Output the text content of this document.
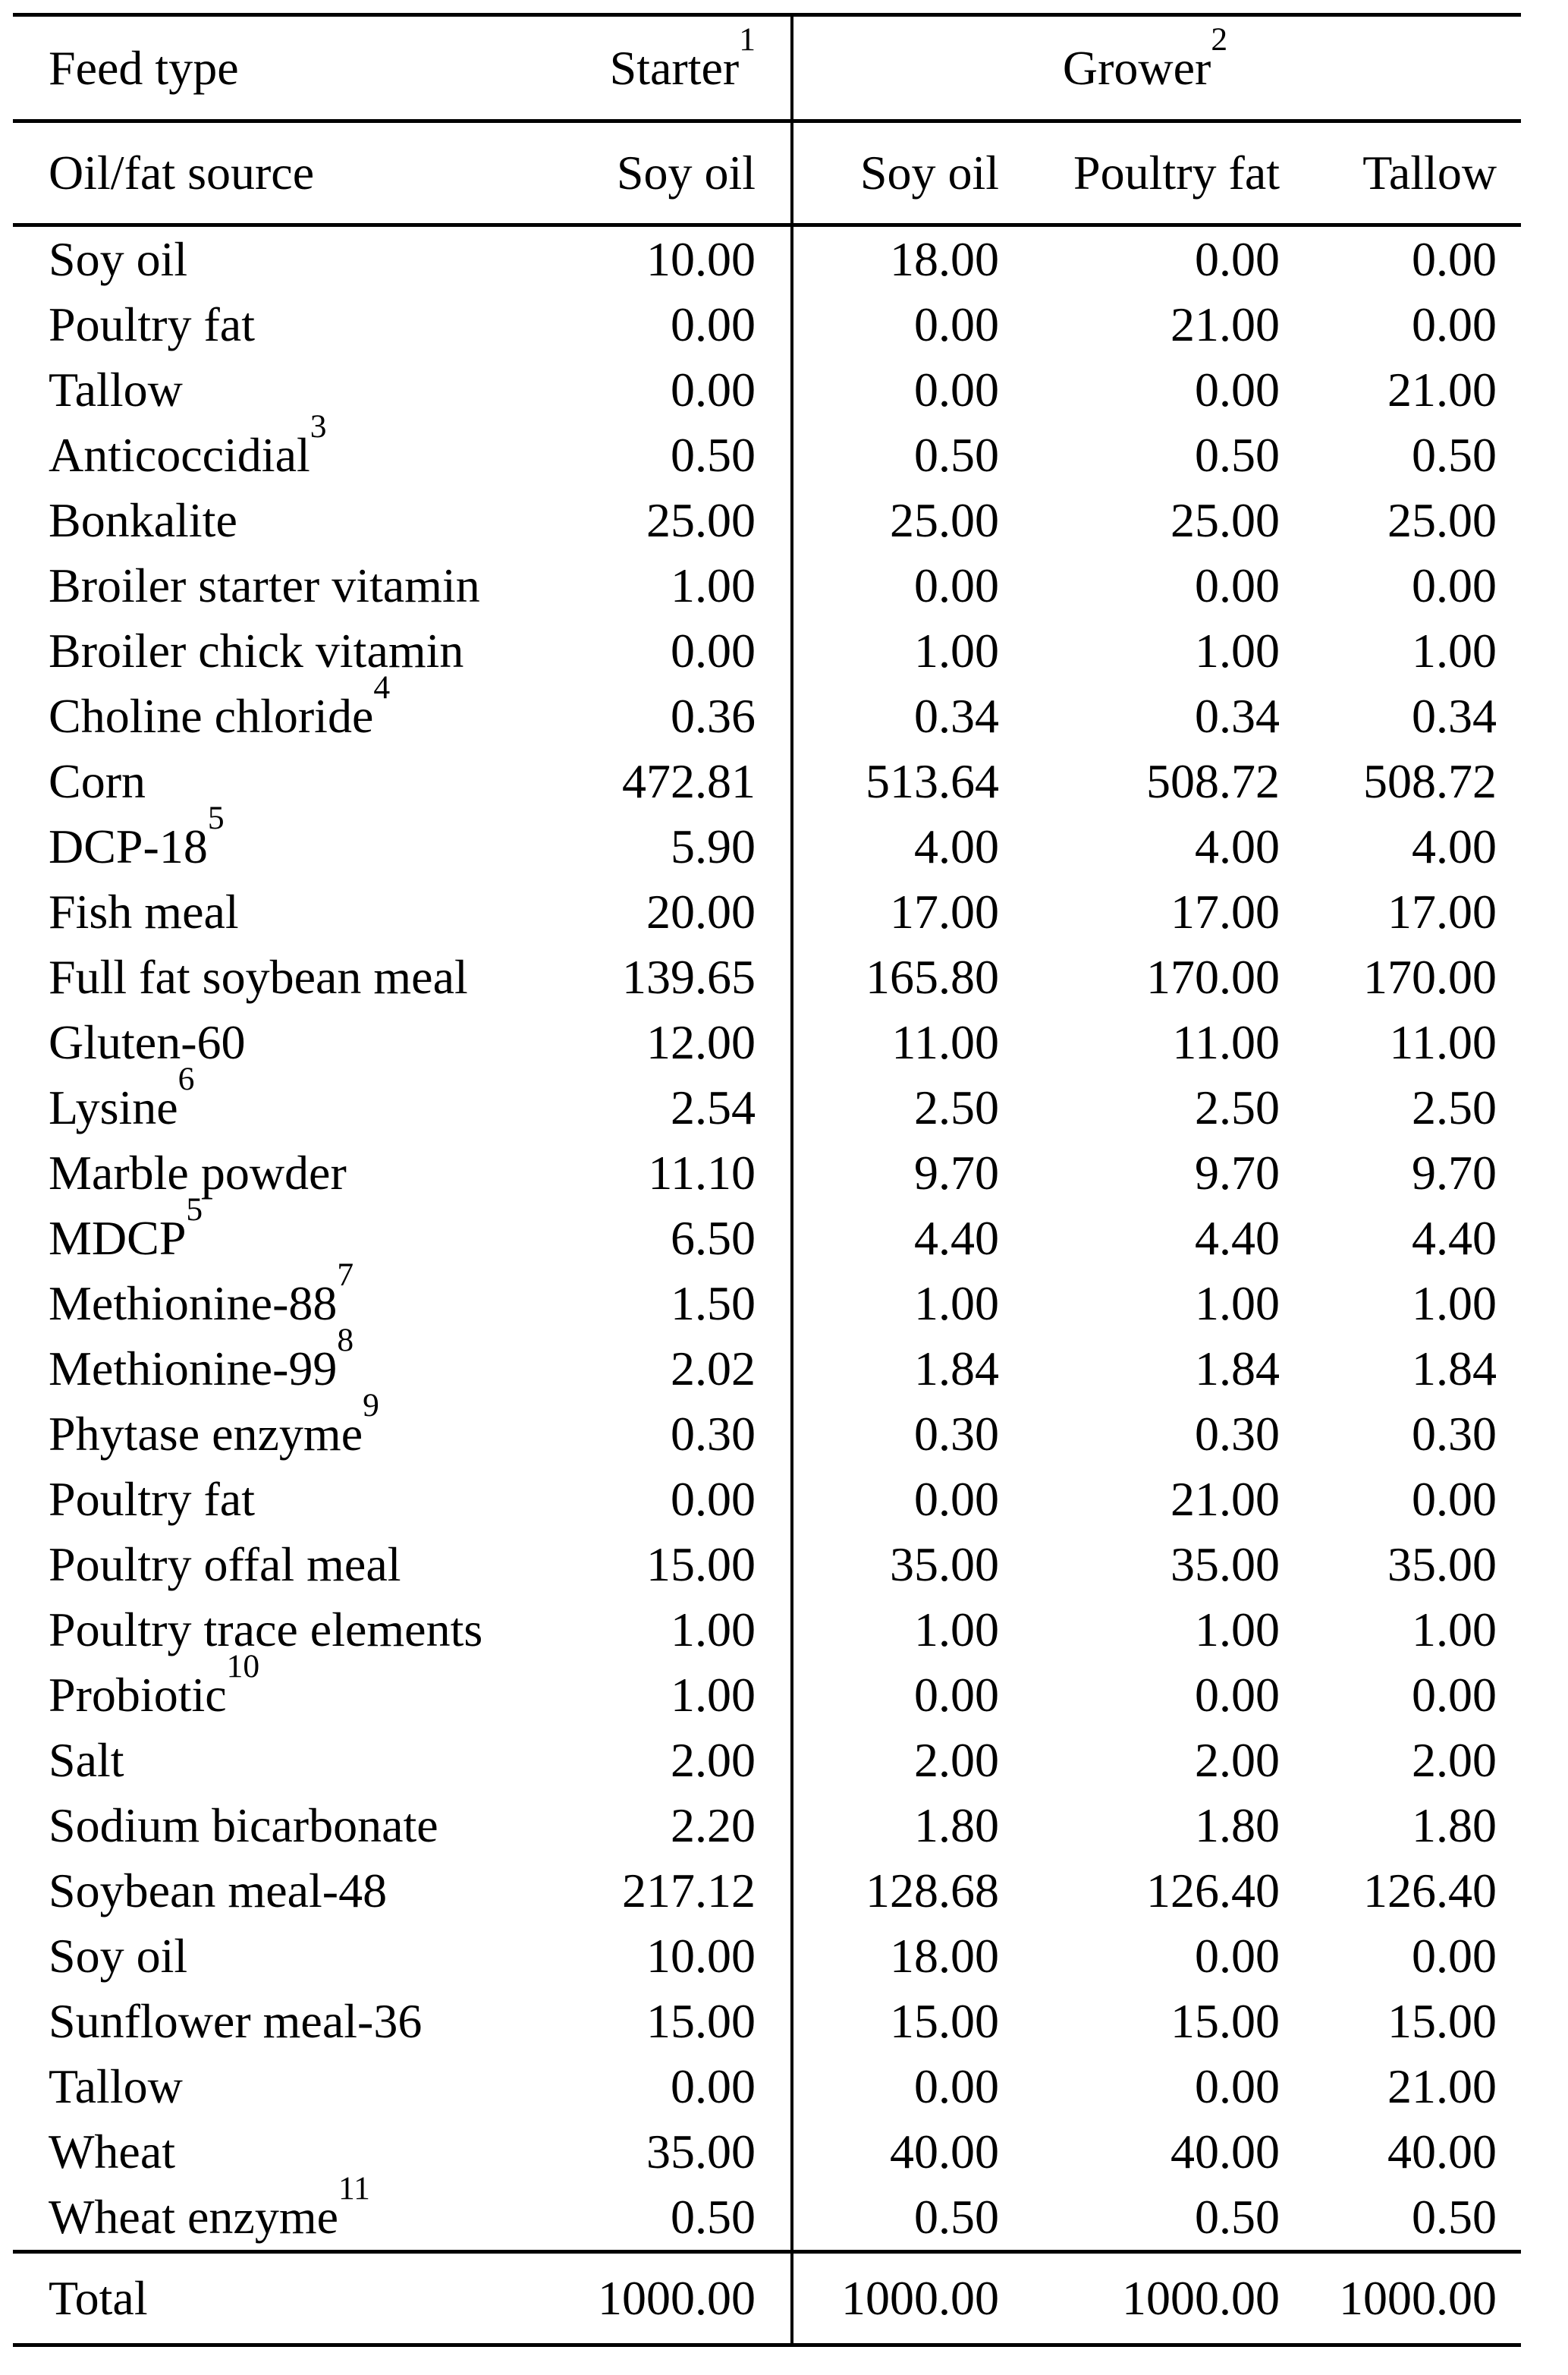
Feed type	Starter$^1$	Grower$^2$
Oil/fat source	Soy oil	Soy oil	Poultry fat	Tallow
Soy oil	10.00	18.00	0.00	0.00
Poultry fat	0.00	0.00	21.00	0.00
Tallow	0.00	0.00	0.00	21.00
Anticoccidial$^3$	0.50	0.50	0.50	0.50
Bonkalite	25.00	25.00	25.00	25.00
Broiler starter vitamin	1.00	0.00	0.00	0.00
Broiler chick vitamin	0.00	1.00	1.00	1.00
Choline chloride$^4$	0.36	0.34	0.34	0.34
Corn	472.81	513.64	508.72	508.72
DCP-$18^5$	5.90	4.00	4.00	4.00
Fish meal	20.00	17.00	17.00	17.00
Full fat soybean meal	139.65	165.80	170.00	170.00
Gluten-60	12.00	11.00	11.00	11.00
Lysine$^6$	2.54	2.50	2.50	2.50
Marble powder	11.10	9.70	9.70	9.70
MDCP$^5$	6.50	4.40	4.40	4.40
Methionine-$88^7$	1.50	1.00	1.00	1.00
Methionine-$99^8$	2.02	1.84	1.84	1.84
Phytase enzyme$^9$	0.30	0.30	0.30	0.30
Poultry fat	0.00	0.00	21.00	0.00
Poultry offal meal	15.00	35.00	35.00	35.00
Poultry trace elements	1.00	1.00	1.00	1.00
Probiotic$^{10}$	1.00	0.00	0.00	0.00
Salt	2.00	2.00	2.00	2.00
Sodium bicarbonate	2.20	1.80	1.80	1.80
Soybean meal-48	217.12	128.68	126.40	126.40
Soy oil	10.00	18.00	0.00	0.00
Sunflower meal-36	15.00	15.00	15.00	15.00
Tallow	0.00	0.00	0.00	21.00
Wheat	35.00	40.00	40.00	40.00
Wheat enzyme$^{11}$	0.50	0.50	0.50	0.50
Total	1000.00	1000.00	1000.00	1000.00
